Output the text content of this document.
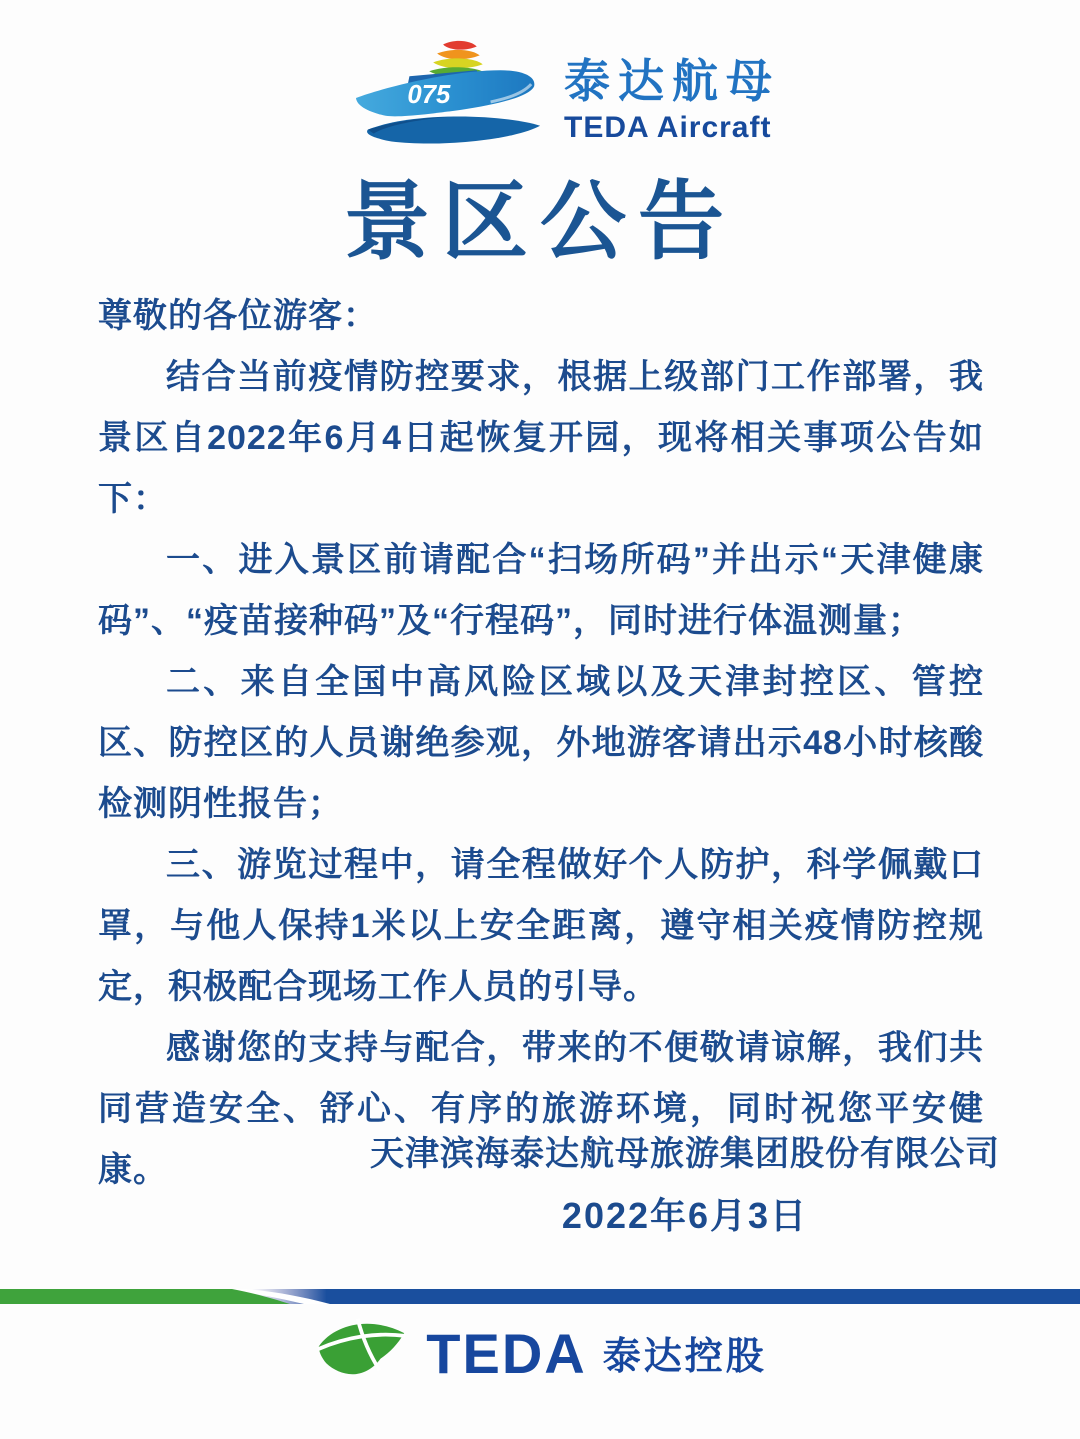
075 泰达航母
TEDA Aircraft
景区公告

尊敬的各位游客：

结合当前疫情防控要求，根据上级部门工作部署，我景区自2022年6月4日起恢复开园，现将相关事项公告如下：

一、进入景区前请配合“扫场所码”并出示“天津健康码”、“疫苗接种码”及“行程码”，同时进行体温测量；

二、来自全国中高风险区域以及天津封控区、管控区、防控区的人员谢绝参观，外地游客请出示48小时核酸检测阴性报告；

三、游览过程中，请全程做好个人防护，科学佩戴口罩，与他人保持1米以上安全距离，遵守相关疫情防控规定，积极配合现场工作人员的引导。

感谢您的支持与配合，带来的不便敬请谅解，我们共同营造安全、舒心、有序的旅游环境，同时祝您平安健康。	天津滨海泰达航母旅游集团股份有限公司

2022年6月3日

TEDA 泰达控股
